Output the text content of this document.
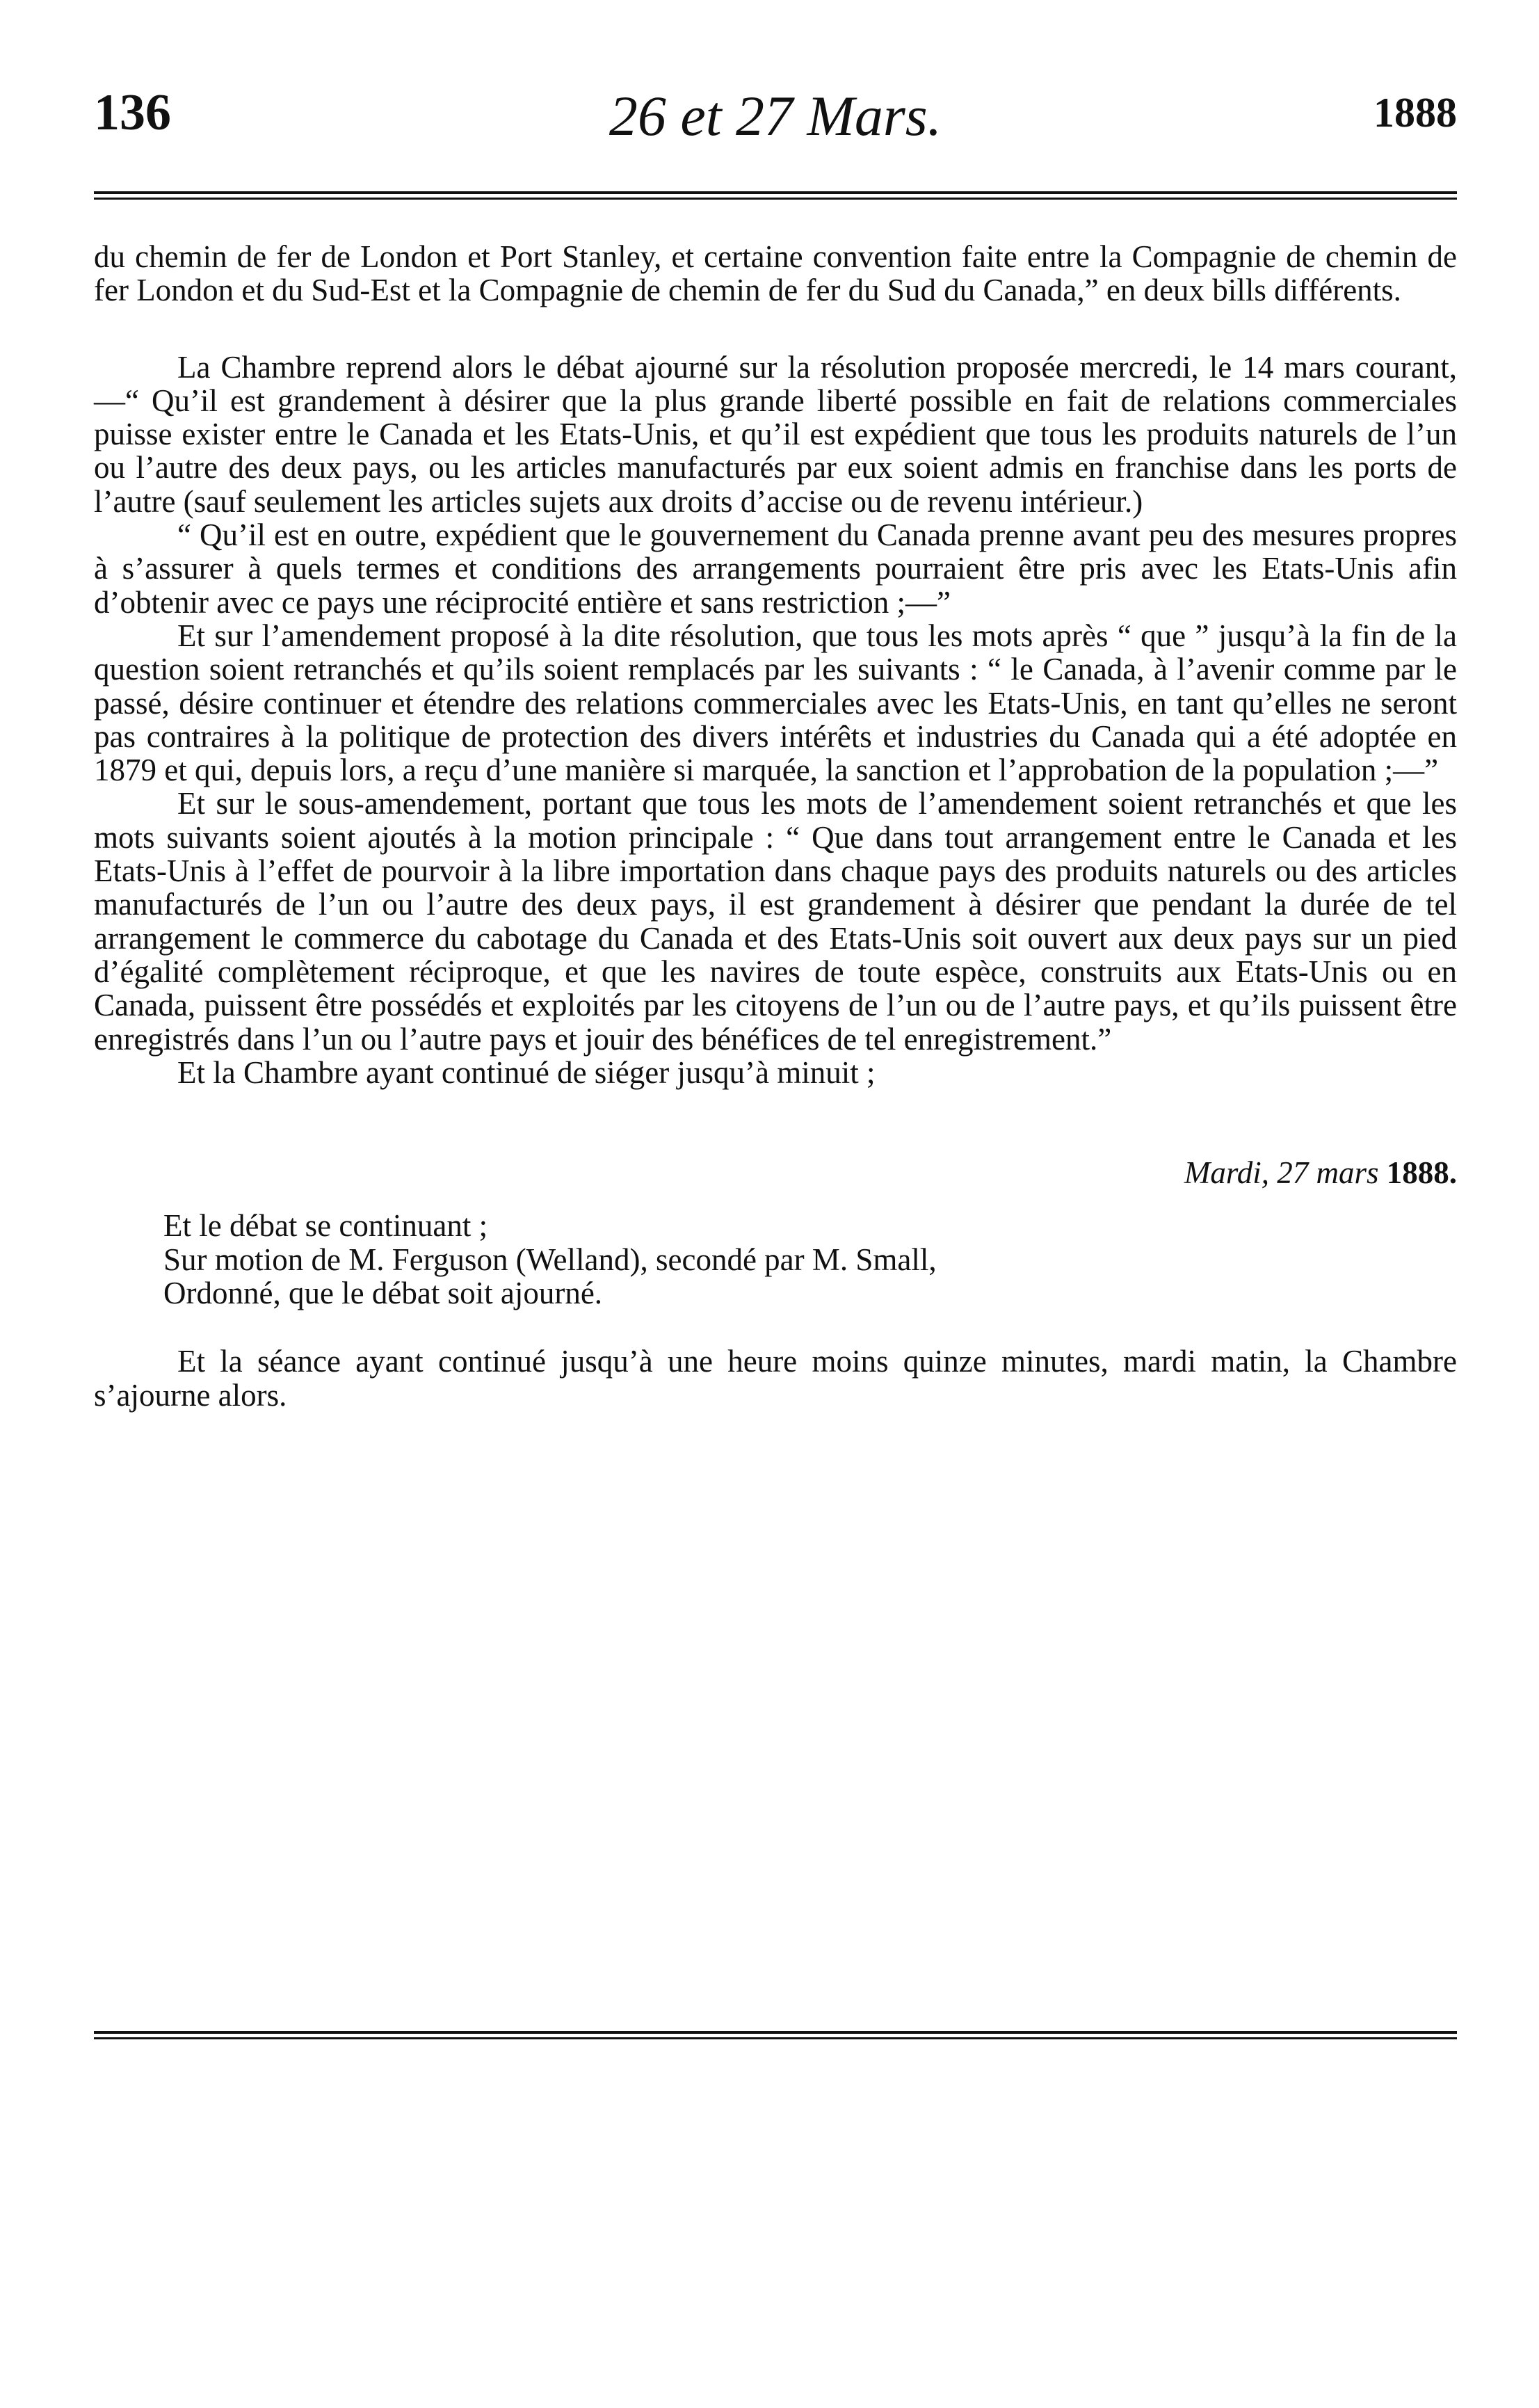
136	26 et 27 Mars.	1888

du chemin de fer de London et Port Stanley, et certaine convention faite entre la Compagnie de chemin de fer London et du Sud-Est et la Compagnie de chemin de fer du Sud du Canada,” en deux bills différents.

La Chambre reprend alors le débat ajourné sur la résolution proposée mercredi, le 14 mars courant,—“ Qu’il est grandement à désirer que la plus grande liberté possible en fait de relations commerciales puisse exister entre le Canada et les Etats-Unis, et qu’il est expédient que tous les produits naturels de l’un ou l’autre des deux pays, ou les articles manufacturés par eux soient admis en franchise dans les ports de l’autre (sauf seulement les articles sujets aux droits d’accise ou de revenu intérieur.)

“ Qu’il est en outre, expédient que le gouvernement du Canada prenne avant peu des mesures propres à s’assurer à quels termes et conditions des arrangements pourraient être pris avec les Etats-Unis afin d’obtenir avec ce pays une réciprocité entière et sans restriction ;—”

Et sur l’amendement proposé à la dite résolution, que tous les mots après “ que ” jusqu’à la fin de la question soient retranchés et qu’ils soient remplacés par les suivants : “ le Canada, à l’avenir comme par le passé, désire continuer et étendre des relations commerciales avec les Etats-Unis, en tant qu’elles ne seront pas contraires à la politique de protection des divers intérêts et industries du Canada qui a été adoptée en 1879 et qui, depuis lors, a reçu d’une manière si marquée, la sanction et l’approbation de la population ;—”

Et sur le sous-amendement, portant que tous les mots de l’amendement soient retranchés et que les mots suivants soient ajoutés à la motion principale : “ Que dans tout arrangement entre le Canada et les Etats-Unis à l’effet de pourvoir à la libre importation dans chaque pays des produits naturels ou des articles manufacturés de l’un ou l’autre des deux pays, il est grandement à désirer que pendant la durée de tel arrangement le commerce du cabotage du Canada et des Etats-Unis soit ouvert aux deux pays sur un pied d’égalité complètement réciproque, et que les navires de toute espèce, construits aux Etats-Unis ou en Canada, puissent être possédés et exploités par les citoyens de l’un ou de l’autre pays, et qu’ils puissent être enregistrés dans l’un ou l’autre pays et jouir des bénéfices de tel enregistrement.”

Et la Chambre ayant continué de siéger jusqu’à minuit ;

Mardi, 27 mars 1888.

Et le débat se continuant ;

Sur motion de M. Ferguson (Welland), secondé par M. Small,

Ordonné, que le débat soit ajourné.

Et la séance ayant continué jusqu’à une heure moins quinze minutes, mardi matin, la Chambre s’ajourne alors.
